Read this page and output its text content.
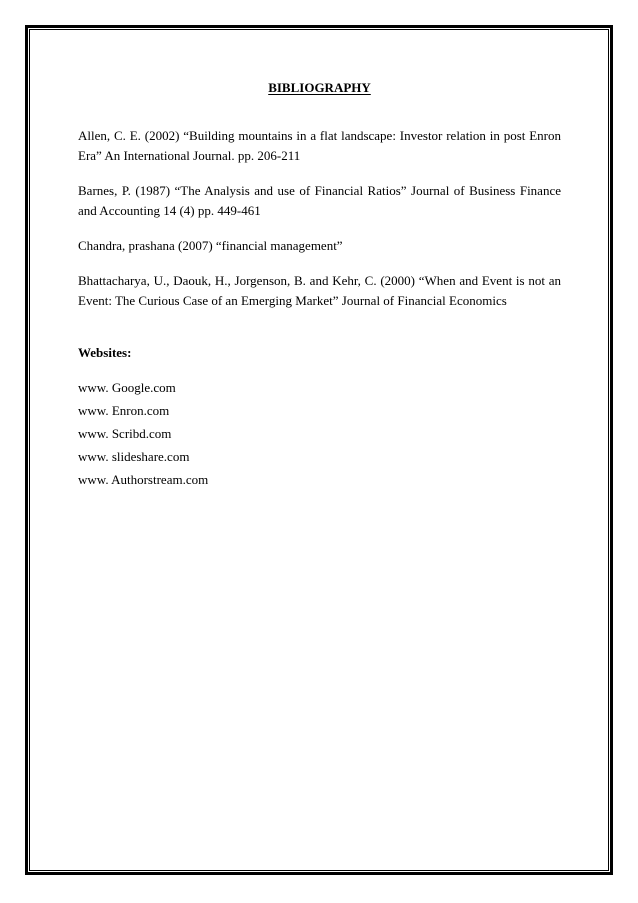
BIBLIOGRAPHY

Allen, C. E. (2002) “Building mountains in a flat landscape: Investor relation in post Enron Era” An International Journal. pp. 206-211

Barnes, P. (1987) “The Analysis and use of Financial Ratios” Journal of Business Finance and Accounting 14 (4) pp. 449-461

Chandra, prashana (2007) “financial management”

Bhattacharya, U., Daouk, H., Jorgenson, B. and Kehr, C. (2000) “When and Event is not an Event: The Curious Case of an Emerging Market” Journal of Financial Economics

Websites:

www. Google.com

www. Enron.com

www. Scribd.com

www. slideshare.com

www. Authorstream.com
